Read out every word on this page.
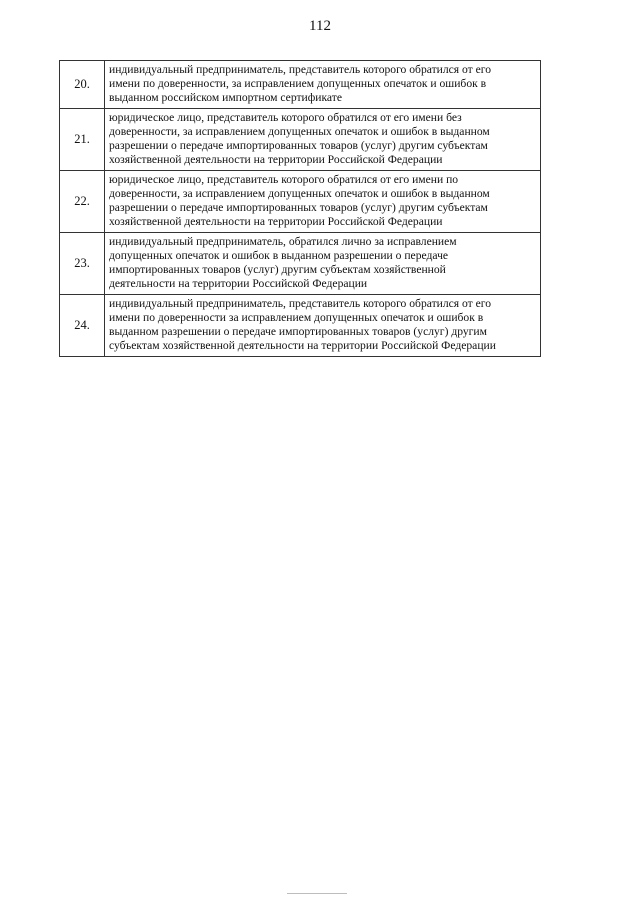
112
20.	индивидуальный предприниматель, представитель которого обратился от его
имени по доверенности, за исправлением допущенных опечаток и ошибок в
выданном российском импортном сертификате

21.	юридическое лицо, представитель которого обратился от его имени без
доверенности, за исправлением допущенных опечаток и ошибок в выданном
разрешении о передаче импортированных товаров (услуг) другим субъектам
хозяйственной деятельности на территории Российской Федерации

22.	юридическое лицо, представитель которого обратился от его имени по
доверенности, за исправлением допущенных опечаток и ошибок в выданном
разрешении о передаче импортированных товаров (услуг) другим субъектам
хозяйственной деятельности на территории Российской Федерации

23.	индивидуальный предприниматель, обратился лично за исправлением
допущенных опечаток и ошибок в выданном разрешении о передаче
импортированных товаров (услуг) другим субъектам хозяйственной
деятельности на территории Российской Федерации

24.	индивидуальный предприниматель, представитель которого обратился от его
имени по доверенности за исправлением допущенных опечаток и ошибок в
выданном разрешении о передаче импортированных товаров (услуг) другим
субъектам хозяйственной деятельности на территории Российской Федерации
